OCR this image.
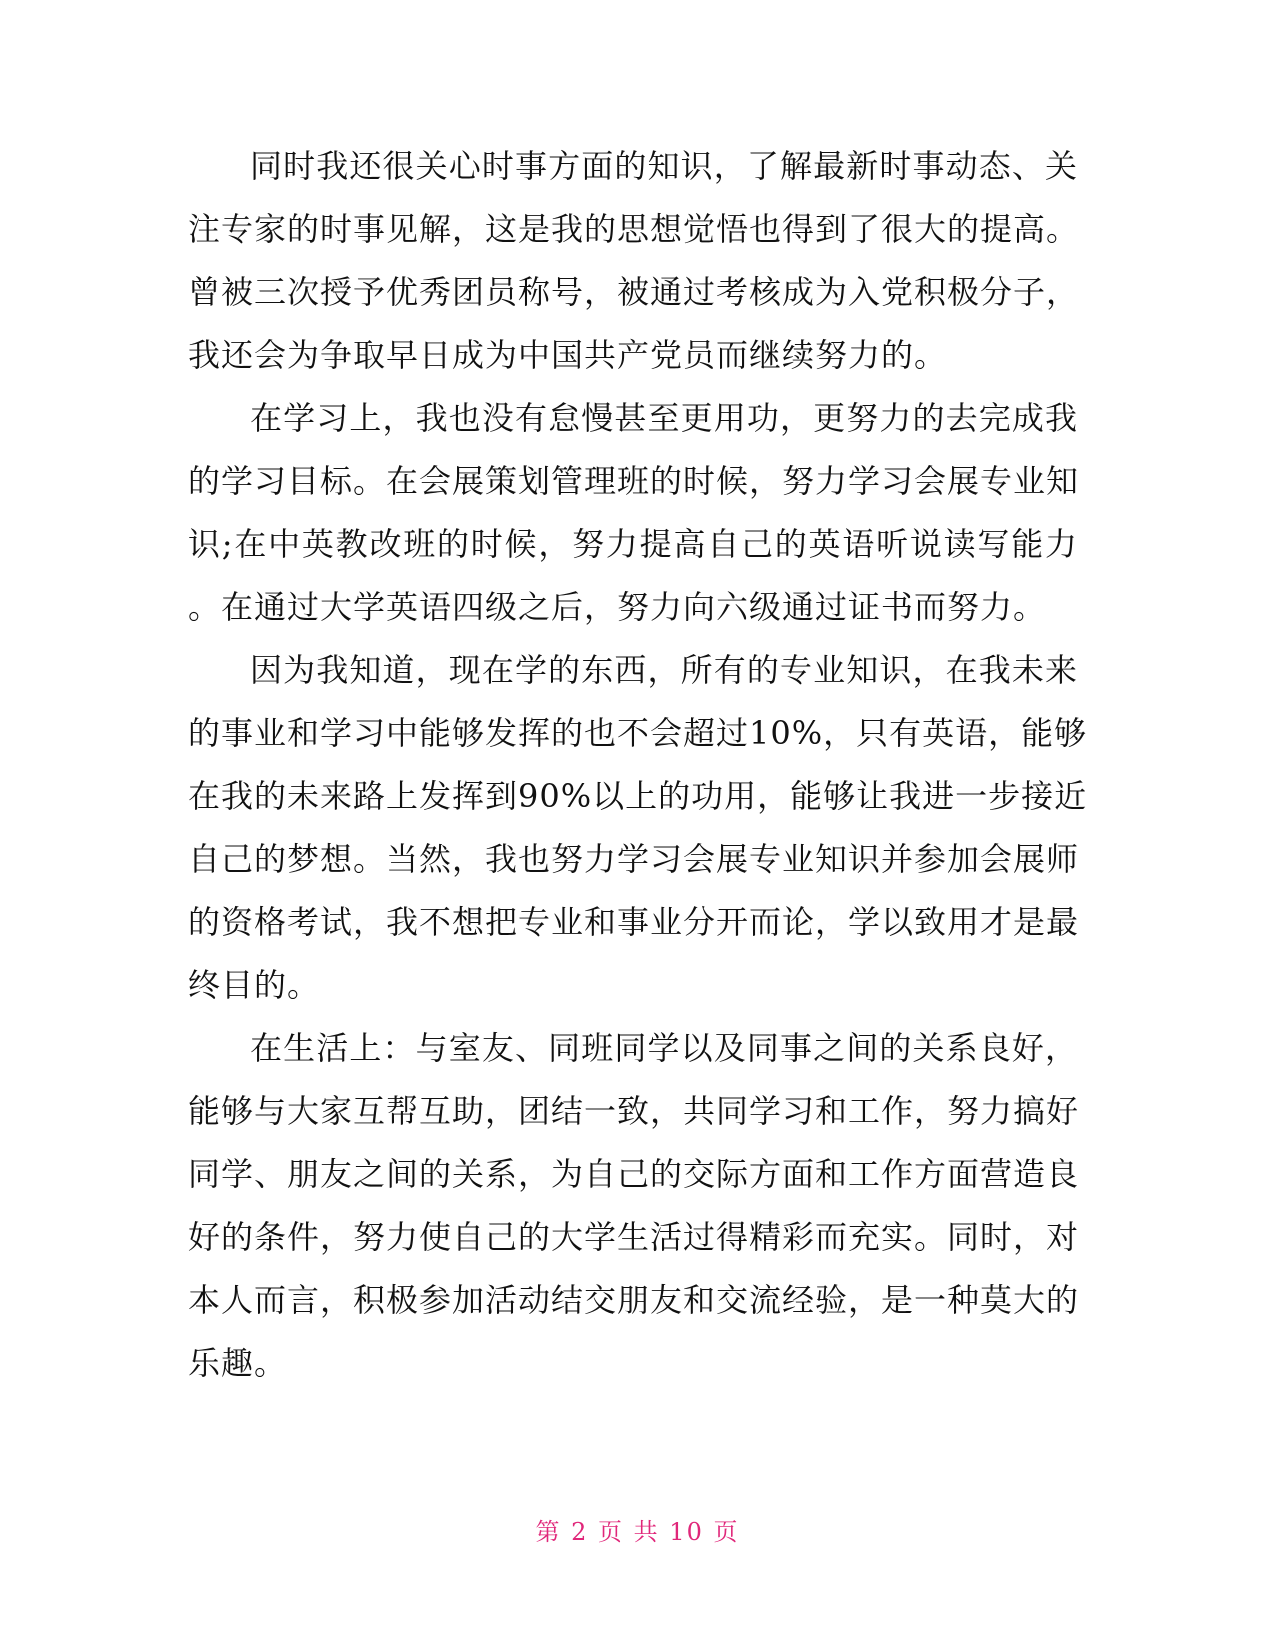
同时我还很关心时事方面的知识，了解最新时事动态、关
注专家的时事见解，这是我的思想觉悟也得到了很大的提高。
曾被三次授予优秀团员称号，被通过考核成为入党积极分子，
我还会为争取早日成为中国共产党员而继续努力的。
在学习上，我也没有怠慢甚至更用功，更努力的去完成我
的学习目标。在会展策划管理班的时候，努力学习会展专业知
识;在中英教改班的时候，努力提高自己的英语听说读写能力
。在通过大学英语四级之后，努力向六级通过证书而努力。
因为我知道，现在学的东西，所有的专业知识，在我未来
的事业和学习中能够发挥的也不会超过10%，只有英语，能够
在我的未来路上发挥到90%以上的功用，能够让我进一步接近
自己的梦想。当然，我也努力学习会展专业知识并参加会展师
的资格考试，我不想把专业和事业分开而论，学以致用才是最
终目的。
在生活上：与室友、同班同学以及同事之间的关系良好，
能够与大家互帮互助，团结一致，共同学习和工作，努力搞好
同学、朋友之间的关系，为自己的交际方面和工作方面营造良
好的条件，努力使自己的大学生活过得精彩而充实。同时，对
本人而言，积极参加活动结交朋友和交流经验，是一种莫大的
乐趣。
第 2 页 共 10 页
